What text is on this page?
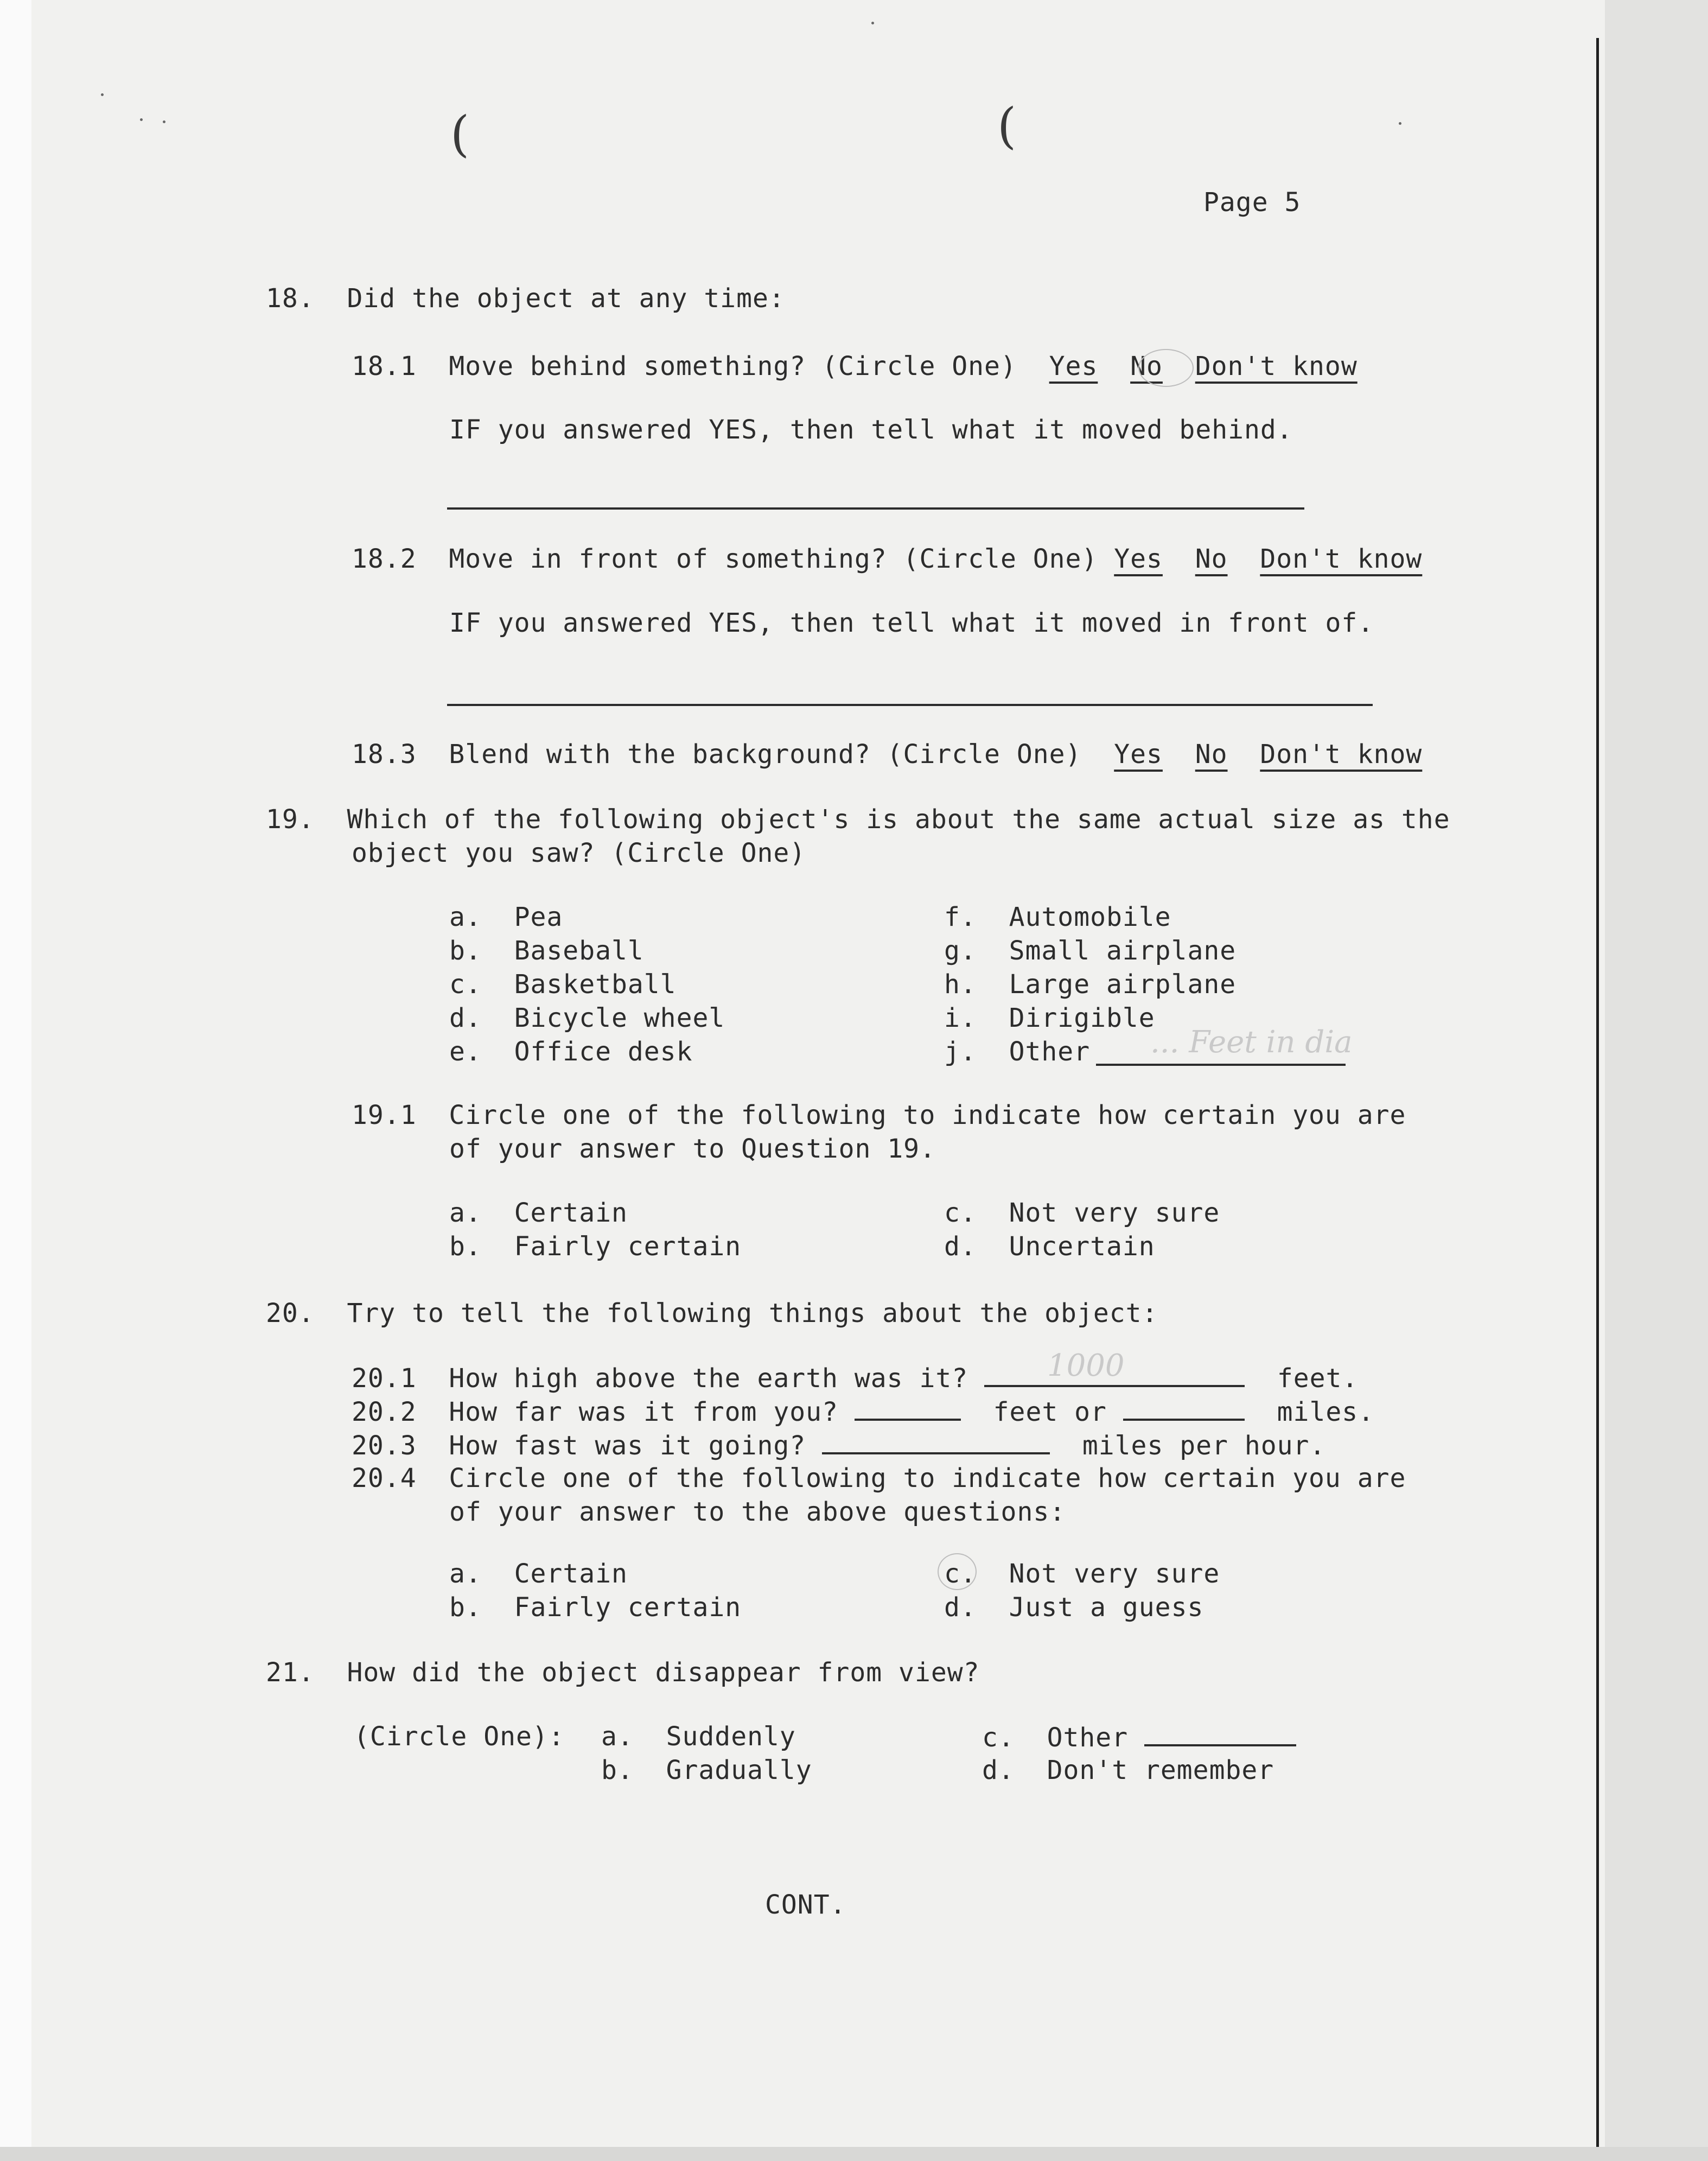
(	(
Page 5
18. Did the object at any time:
18.1 Move behind something? (Circle One) Yes No Don't know
IF you answered YES, then tell what it moved behind.
18.2 Move in front of something? (Circle One) Yes No Don't know
IF you answered YES, then tell what it moved in front of.
18.3 Blend with the background? (Circle One) Yes No Don't know
19. Which of the following object's is about the same actual size as the
object you saw? (Circle One)
a. Pea
b. Baseball
c. Basketball
d. Bicycle wheel
e. Office desk
f. Automobile
g. Small airplane
h. Large airplane
i. Dirigible
j. Other ... Feet in dia
19.1 Circle one of the following to indicate how certain you are
of your answer to Question 19.
a. Certain
b. Fairly certain
c. Not very sure
d. Uncertain
20. Try to tell the following things about the object:
20.1 How high above the earth was it?	feet.
1000
20.2 How far was it from you?	feet or	miles.
20.3 How fast was it going?	miles per hour.
20.4 Circle one of the following to indicate how certain you are
of your answer to the above questions:
a. Certain
b. Fairly certain
c. Not very sure
d. Just a guess
21. How did the object disappear from view?
(Circle One): a. Suddenly
b. Gradually
c. Other
d. Don't remember
CONT.
